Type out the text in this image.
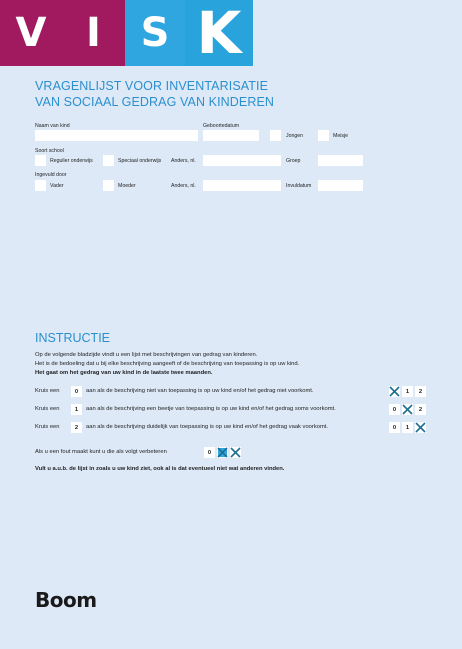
V I S K
VRAGENLIJST VOOR INVENTARISATIE
VAN SOCIAAL GEDRAG VAN KINDEREN
Naam van kind	Geboortedatum
Jongen	Meisje
Soort school
Regulier onderwijs	Speciaal onderwijs Anders, nl.	Groep
Ingevuld door
Vader	Moeder	Anders, nl.	Invuldatum
INSTRUCTIE
Op de volgende bladzijde vindt u een lijst met beschrijvingen van gedrag van kinderen.
Het is de bedoeling dat u bij elke beschrijving aangeeft of de beschrijving van toepassing is op uw kind.
Het gaat om het gedrag van uw kind in de laatste twee maanden.
Kruis een	0	aan als de beschrijving niet van toepassing is op uw kind en/of het gedrag niet voorkomt.	1	2
Kruis een	1	aan als de beschrijving een beetje van toepassing is op uw kind en/of het gedrag soms voorkomt.	0	2
Kruis een	2	aan als de beschrijving duidelijk van toepassing is op uw kind en/of het gedrag vaak voorkomt.	0	1
Als u een fout maakt kunt u die als volgt verbeteren	0
Vult u a.u.b. de lijst in zoals u uw kind ziet, ook al is dat eventueel niet wat anderen vinden.
Boom
